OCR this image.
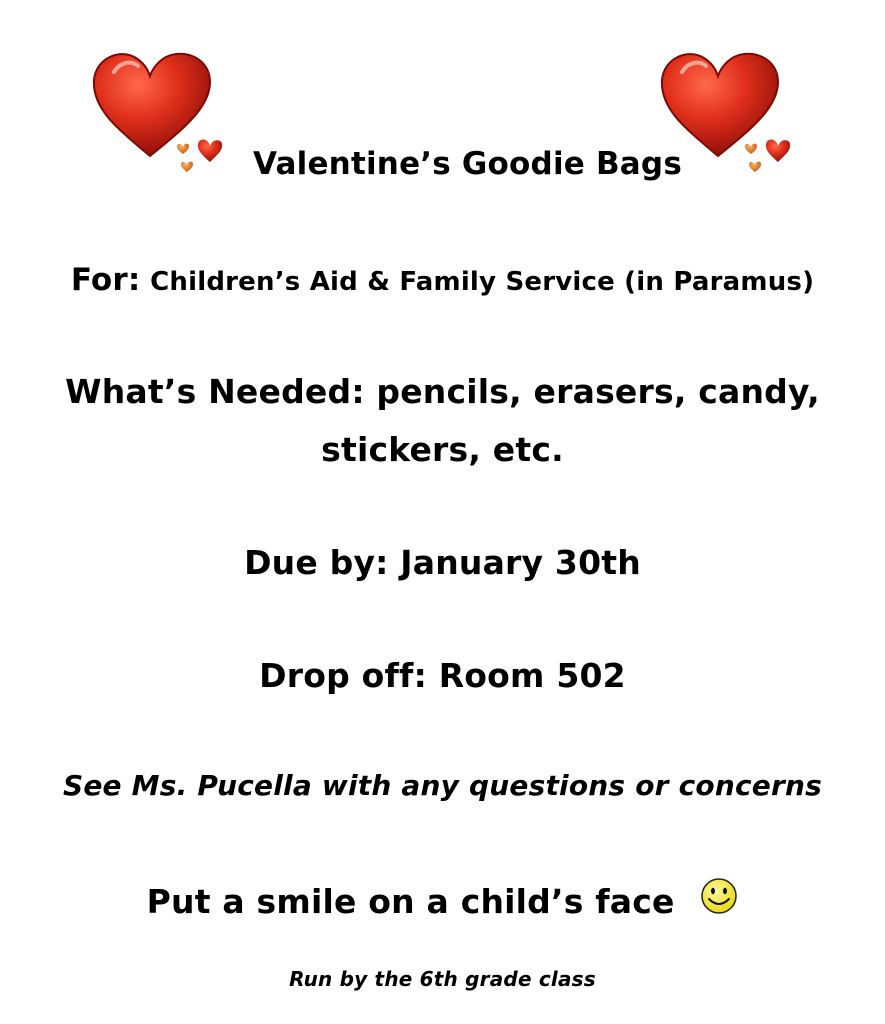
Valentine’s Goodie Bags
For: Children’s Aid & Family Service (in Paramus)
What’s Needed: pencils, erasers, candy,
stickers, etc.
Due by: January 30th
Drop off: Room 502
See Ms. Pucella with any questions or concerns
Put a smile on a child’s face
Run by the 6th grade class
